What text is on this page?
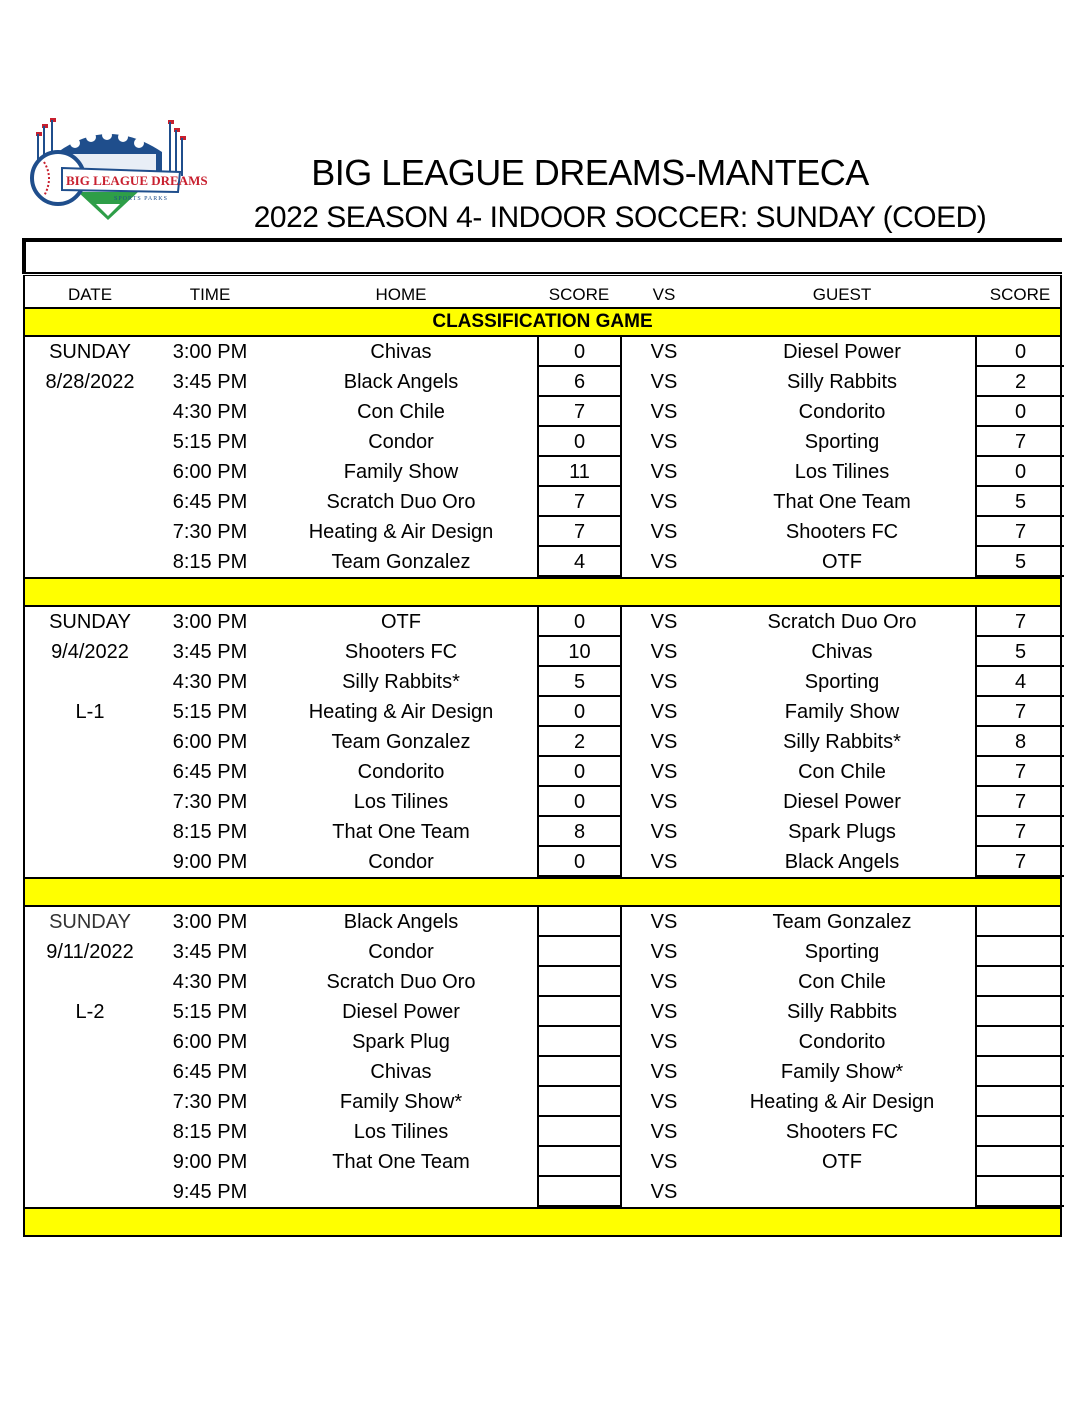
BIG LEAGUE DREAMS
SPORTS PARKS
BIG LEAGUE DREAMS-MANTECA
2022 SEASON 4- INDOOR SOCCER: SUNDAY (COED)
DATE	TIME	HOME	SCORE	VS	GUEST	SCORE
CLASSIFICATION GAME
SUNDAY	3:00 PM	Chivas	0	VS	Diesel Power	0
8/28/2022	3:45 PM	Black Angels	6	VS	Silly Rabbits	2
4:30 PM	Con Chile	7	VS	Condorito	0
5:15 PM	Condor	0	VS	Sporting	7
6:00 PM	Family Show	11	VS	Los Tilines	0
6:45 PM	Scratch Duo Oro	7	VS	That One Team	5
7:30 PM	Heating & Air Design	7	VS	Shooters FC	7
8:15 PM	Team Gonzalez	4	VS	OTF	5
SUNDAY	3:00 PM	OTF	0	VS	Scratch Duo Oro	7
9/4/2022	3:45 PM	Shooters FC	10	VS	Chivas	5
4:30 PM	Silly Rabbits*	5	VS	Sporting	4
L-1	5:15 PM	Heating & Air Design	0	VS	Family Show	7
6:00 PM	Team Gonzalez	2	VS	Silly Rabbits*	8
6:45 PM	Condorito	0	VS	Con Chile	7
7:30 PM	Los Tilines	0	VS	Diesel Power	7
8:15 PM	That One Team	8	VS	Spark Plugs	7
9:00 PM	Condor	0	VS	Black Angels	7
SUNDAY	3:00 PM	Black Angels	VS	Team Gonzalez
9/11/2022	3:45 PM	Condor	VS	Sporting
4:30 PM	Scratch Duo Oro	VS	Con Chile
L-2	5:15 PM	Diesel Power	VS	Silly Rabbits
6:00 PM	Spark Plug	VS	Condorito
6:45 PM	Chivas	VS	Family Show*
7:30 PM	Family Show*	VS	Heating & Air Design
8:15 PM	Los Tilines	VS	Shooters FC
9:00 PM	That One Team	VS	OTF
9:45 PM	VS
